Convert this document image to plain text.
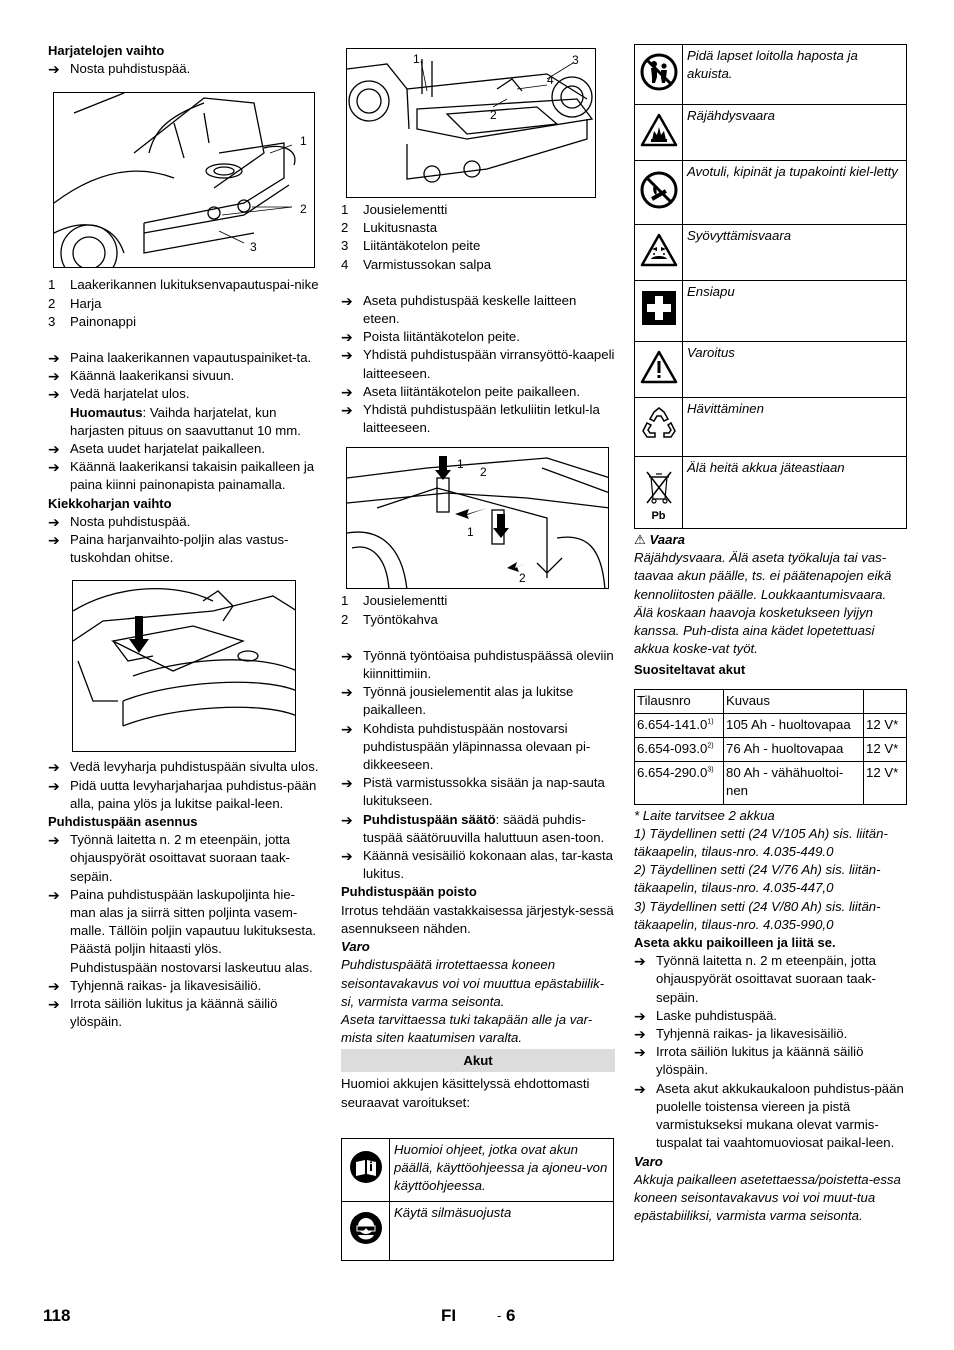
Harjatelojen vaihto
➔ Nosta puhdistuspää.
1
2
3
1	Laakerikannen lukituksenvapautuspai-nike
2	Harja
3	Painonappi
➔ Paina laakerikannen vapautuspainiket-ta.
➔ Käännä laakerikansi sivuun.
➔ Vedä harjatelat ulos.
Huomautus: Vaihda harjatelat, kun harjasten pituus on saavuttanut 10 mm.
➔ Aseta uudet harjatelat paikalleen.
➔ Käännä laakerikansi takaisin paikalleen ja paina kiinni painonapista painamalla.
Kiekkoharjan vaihto
➔ Nosta puhdistuspää.
➔ Paina harjanvaihto-poljin alas vastus-tuskohdan ohitse.
➔ Vedä levyharja puhdistuspään sivulta ulos.
➔ Pidä uutta levyharjaharjaa puhdistus-pään alla, paina ylös ja lukitse paikal-leen.
Puhdistuspään asennus
➔ Työnnä laitetta n. 2 m eteenpäin, jotta ohjauspyörät osoittavat suoraan taak-sepäin.
➔ Paina puhdistuspään laskupoljinta hie-man alas ja siirrä sitten poljinta vasem-malle. Tällöin poljin vapautuu lukituksesta. Päästä poljin hitaasti ylös.
Puhdistuspään nostovarsi laskeutuu alas.
➔ Tyhjennä raikas- ja likavesisäiliö.
➔ Irrota säiliön lukitus ja käännä säiliö ylöspäin.
1	3
4
2
1	Jousielementti
2	Lukitusnasta
3	Liitäntäkotelon peite
4	Varmistussokan salpa
➔ Aseta puhdistuspää keskelle laitteen eteen.
➔ Poista liitäntäkotelon peite.
➔ Yhdistä puhdistuspään virransyöttö-kaapeli laitteeseen.
➔ Aseta liitäntäkotelon peite paikalleen.
➔ Yhdistä puhdistuspään letkuliitin letkul-la laitteeseen.
1
2
1
2
1	Jousielementti
2	Työntökahva
➔ Työnnä työntöaisa puhdistuspäässä oleviin kiinnittimiin.
➔ Työnnä jousielementit alas ja lukitse paikalleen.
➔ Kohdista puhdistuspään nostovarsi puhdistuspään yläpinnassa olevaan pi-dikkeeseen.
➔ Pistä varmistussokka sisään ja nap-sauta lukitukseen.
➔ Puhdistuspään säätö: säädä puhdis-tuspää säätöruuvilla haluttuun asen-toon.
➔ Käännä vesisäiliö kokonaan alas, tar-kasta lukitus.
Puhdistuspään poisto
Irrotus tehdään vastakkaisessa järjestyk-sessä asennukseen nähden.
Varo
Puhdistuspäätä irrotettaessa koneen seisontavakavus voi voi muuttua epästabiilik-si, varmista varma seisonta.
Aseta tarvittaessa tuki takapään alle ja var-mista siten kaatumisen varalta.
Akut
Huomioi akkujen käsittelyssä ehdottomasti seuraavat varoitukset:
	Huomioi ohjeet, jotka ovat akun päällä, käyttöohjeessa ja ajoneu-von käyttöohjeessa.
	Käytä silmäsuojusta
	Pidä lapset loitolla haposta ja akuista.
	Räjähdysvaara
	Avotuli, kipinät ja tupakointi kiel-letty
	Syövyttämisvaara
	Ensiapu
	Varoitus
	Hävittäminen

Pb	Älä heitä akkua jäteastiaan
⚠ Vaara
Räjähdysvaara. Älä aseta työkaluja tai vas-taavaa akun päälle, ts. ei päätenapojen eikä kennoliitosten päälle. Loukkaantumisvaara. Älä koskaan haavoja kosketukseen lyijyn kanssa. Puh-dista aina kädet lopetettuasi akkua koske-vat työt.
Suositeltavat akut
Tilausnro	Kuvaus	
6.654-141.0$^{1)}$	105 Ah - huoltovapaa	12 V*
6.654-093.0$^{2)}$	76 Ah - huoltovapaa	12 V*
6.654-290.0$^{3)}$	80 Ah - vähähuoltoi-nen	12 V*
* Laite tarvitsee 2 akkua
1) Täydellinen setti (24 V/105 Ah) sis. liitän-täkaapelin, tilaus-nro. 4.035-449.0
2) Täydellinen setti (24 V/76 Ah) sis. liitän-täkaapelin, tilaus-nro. 4.035-447,0
3) Täydellinen setti (24 V/80 Ah) sis. liitän-täkaapelin, tilaus-nro. 4.035-990,0
Aseta akku paikoilleen ja liitä se.
➔ Työnnä laitetta n. 2 m eteenpäin, jotta ohjauspyörät osoittavat suoraan taak-sepäin.
➔ Laske puhdistuspää.
➔ Tyhjennä raikas- ja likavesisäiliö.
➔ Irrota säiliön lukitus ja käännä säiliö ylöspäin.
➔ Aseta akut akkukaukaloon puhdistus-pään puolelle toistensa viereen ja pistä varmistukseksi mukana olevat varmis-tuspalat tai vaahtomuoviosat paikal-leen.
Varo
Akkuja paikalleen asetettaessa/poistetta-essa koneen seisontavakavus voi voi muut-tua epästabiiliksi, varmista varma seisonta.
118	FI	- 6
